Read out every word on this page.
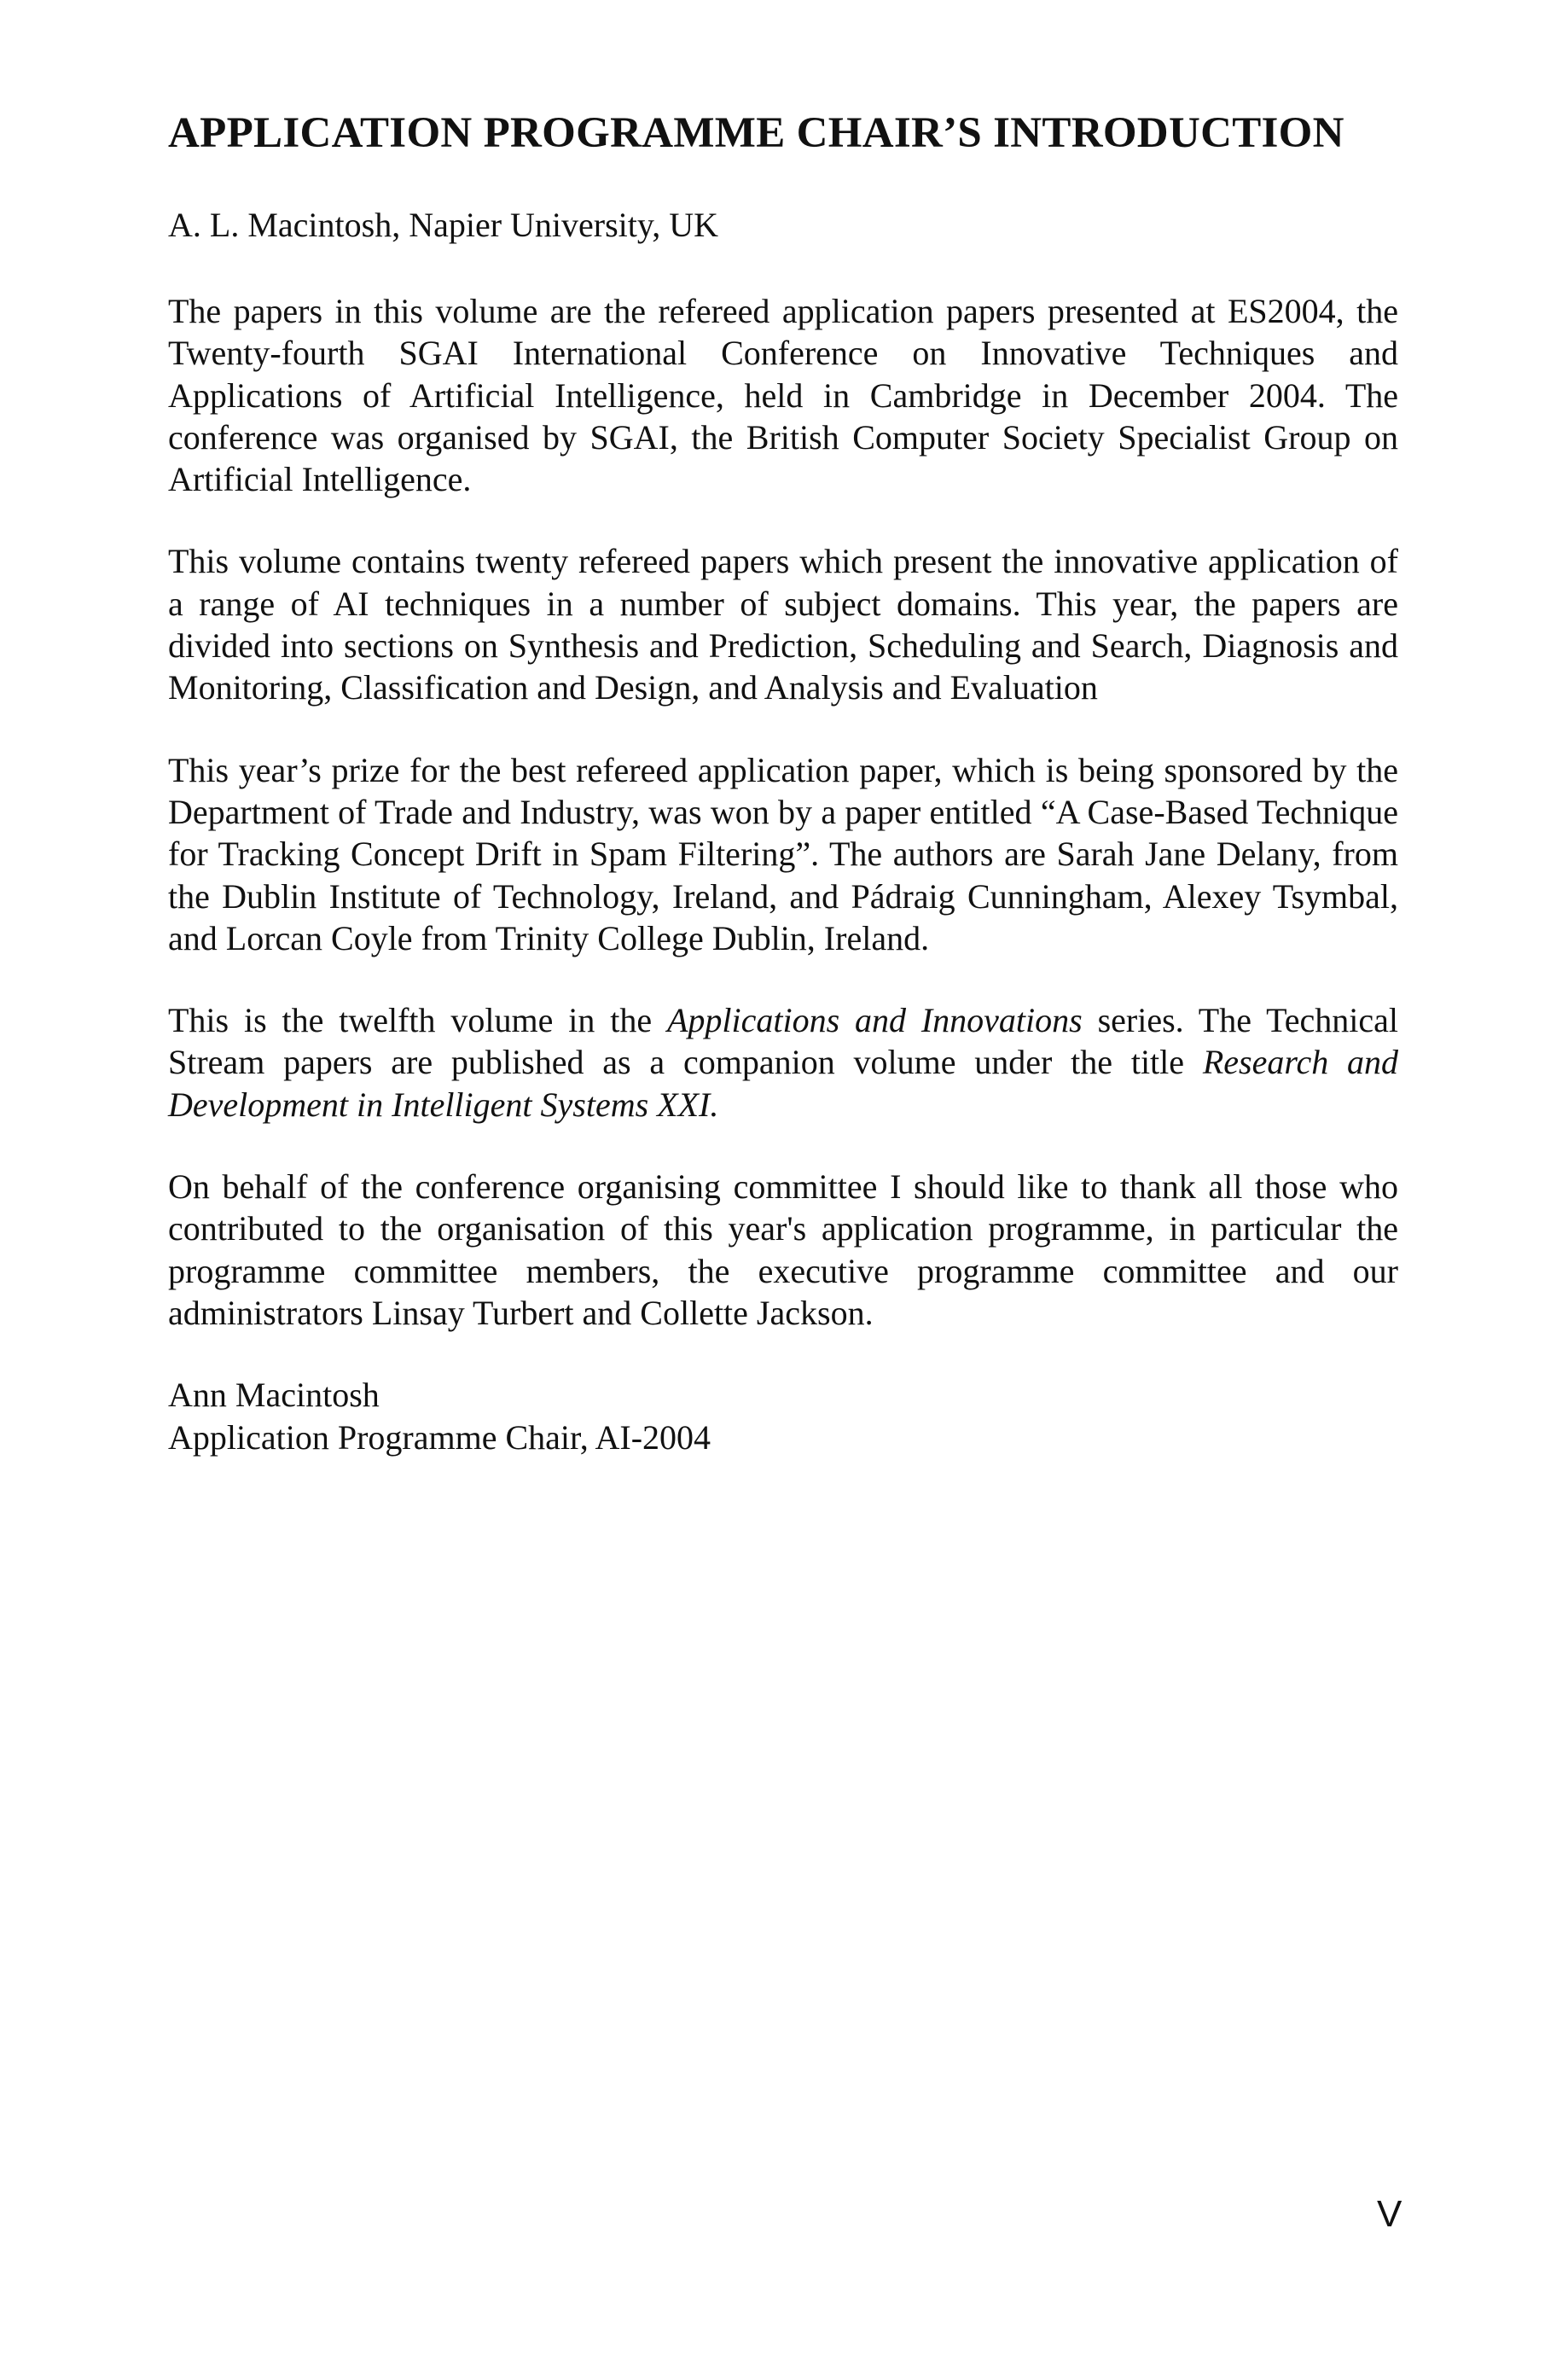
APPLICATION PROGRAMME CHAIR’S INTRODUCTION

A. L. Macintosh, Napier University, UK

The papers in this volume are the refereed application papers presented at ES2004, the Twenty-fourth SGAI International Conference on Innovative Techniques and Applications of Artificial Intelligence, held in Cambridge in December 2004. The conference was organised by SGAI, the British Computer Society Specialist Group on Artificial Intelligence.

This volume contains twenty refereed papers which present the innovative application of a range of AI techniques in a number of subject domains. This year, the papers are divided into sections on Synthesis and Prediction, Scheduling and Search, Diagnosis and Monitoring, Classification and Design, and Analysis and Evaluation

This year’s prize for the best refereed application paper, which is being sponsored by the Department of Trade and Industry, was won by a paper entitled “A Case-Based Technique for Tracking Concept Drift in Spam Filtering”. The authors are Sarah Jane Delany, from the Dublin Institute of Technology, Ireland, and Pádraig Cunningham, Alexey Tsymbal, and Lorcan Coyle from Trinity College Dublin, Ireland.

This is the twelfth volume in the Applications and Innovations series. The Technical Stream papers are published as a companion volume under the title Research and Development in Intelligent Systems XXI.

On behalf of the conference organising committee I should like to thank all those who contributed to the organisation of this year's application programme, in particular the programme committee members, the executive programme committee and our administrators Linsay Turbert and Collette Jackson.

Ann Macintosh

Application Programme Chair, AI-2004

V
